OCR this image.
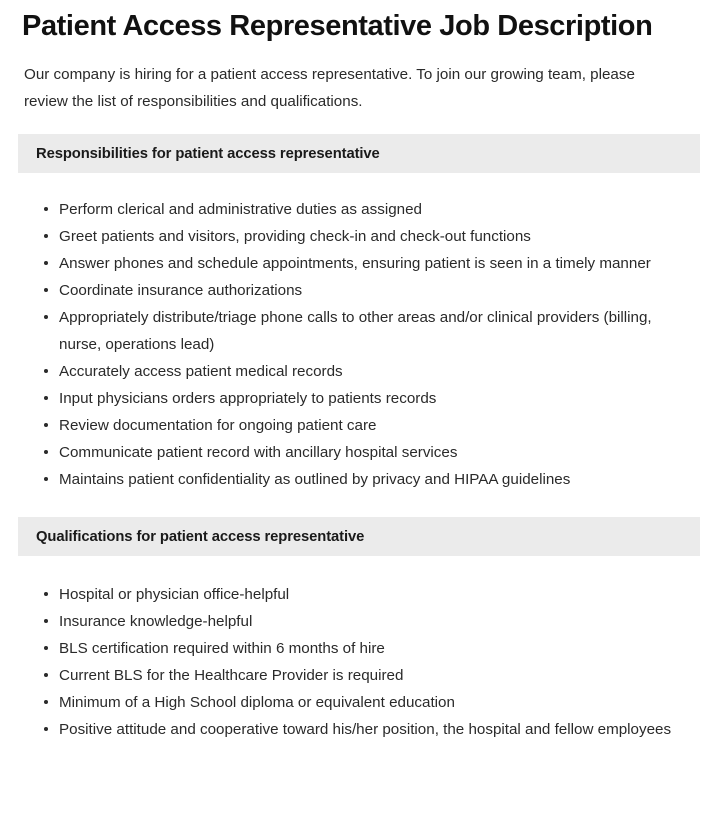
Patient Access Representative Job Description

Our company is hiring for a patient access representative. To join our growing team, please review the list of responsibilities and qualifications.

Responsibilities for patient access representative
Perform clerical and administrative duties as assigned
Greet patients and visitors, providing check-in and check-out functions
Answer phones and schedule appointments, ensuring patient is seen in a timely manner
Coordinate insurance authorizations
Appropriately distribute/triage phone calls to other areas and/or clinical providers (billing, nurse, operations lead)
Accurately access patient medical records
Input physicians orders appropriately to patients records
Review documentation for ongoing patient care
Communicate patient record with ancillary hospital services
Maintains patient confidentiality as outlined by privacy and HIPAA guidelines
Qualifications for patient access representative
Hospital or physician office-helpful
Insurance knowledge-helpful
BLS certification required within 6 months of hire
Current BLS for the Healthcare Provider is required
Minimum of a High School diploma or equivalent education
Positive attitude and cooperative toward his/her position, the hospital and fellow employees
